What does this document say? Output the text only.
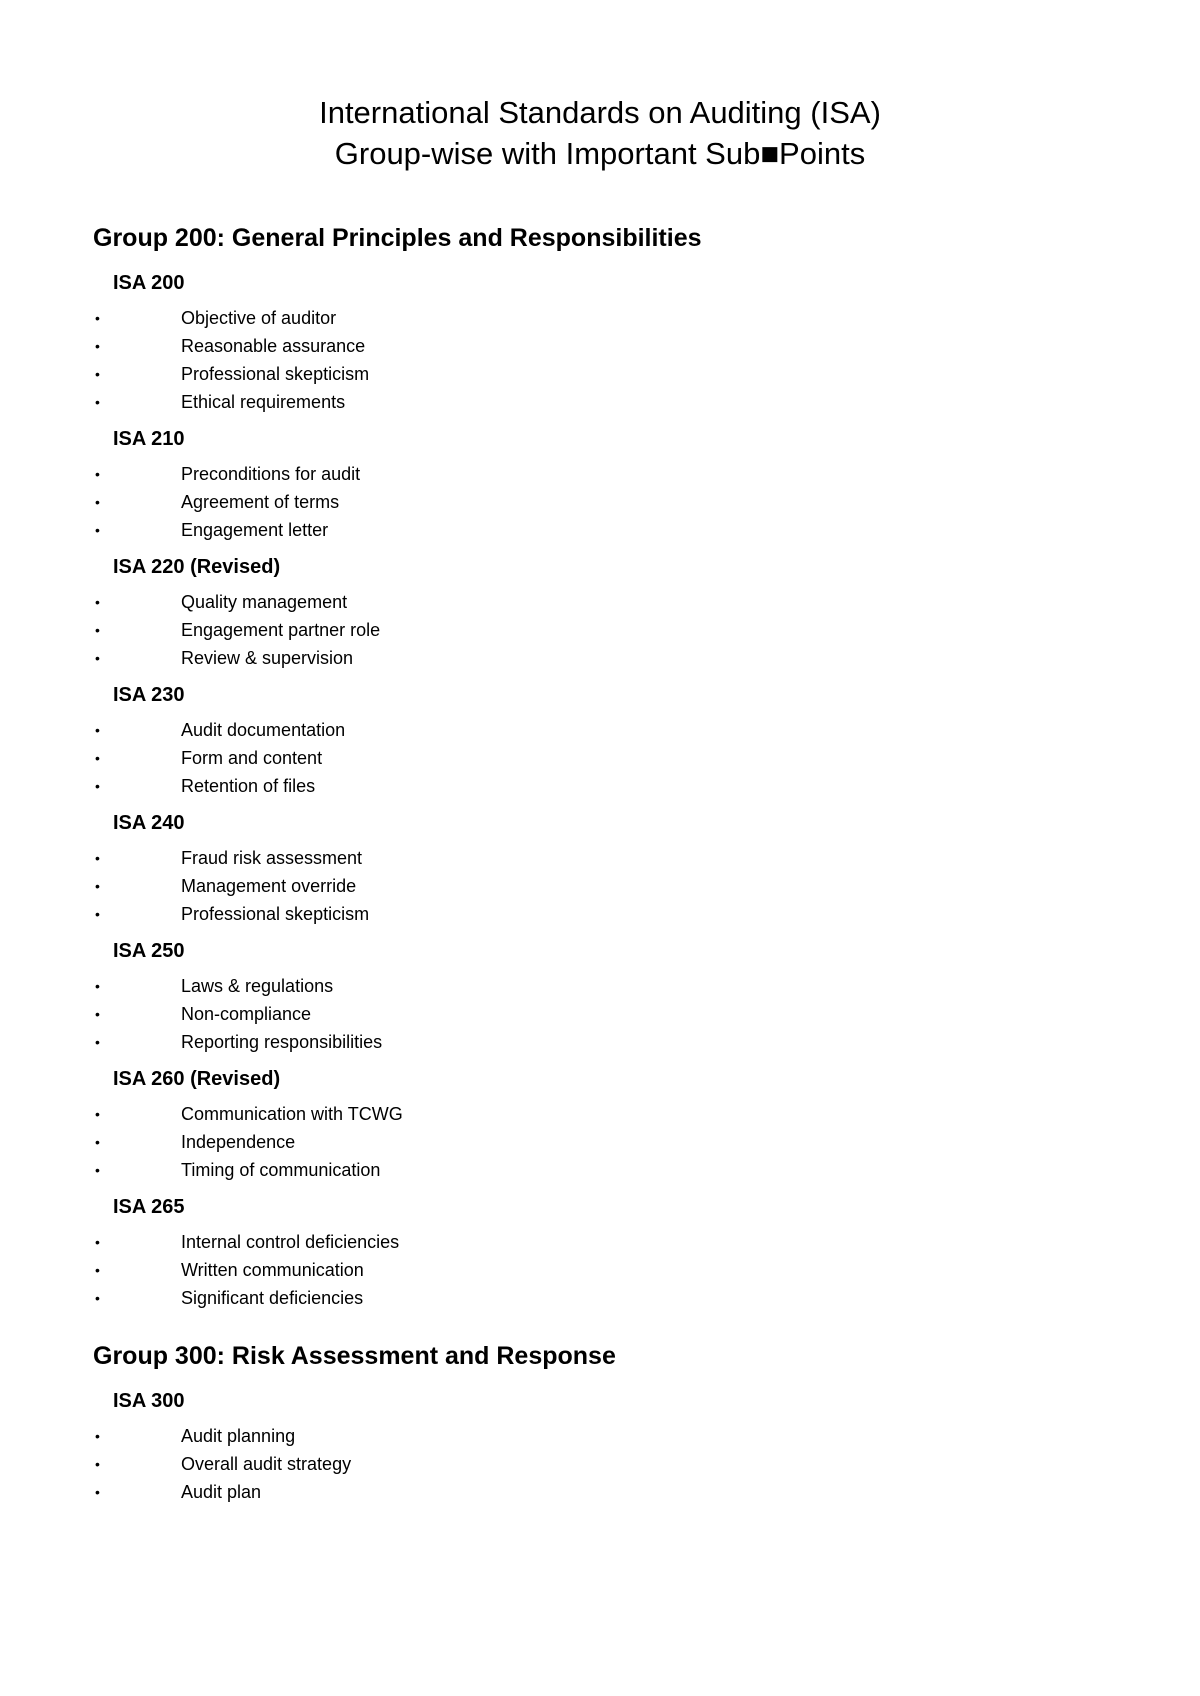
International Standards on Auditing (ISA)

Group-wise with Important Sub■Points

Group 200: General Principles and Responsibilities
ISA 200
•	Objective of auditor
•	Reasonable assurance
•	Professional skepticism
•	Ethical requirements
ISA 210
•	Preconditions for audit
•	Agreement of terms
•	Engagement letter
ISA 220 (Revised)
•	Quality management
•	Engagement partner role
•	Review & supervision
ISA 230
•	Audit documentation
•	Form and content
•	Retention of files
ISA 240
•	Fraud risk assessment
•	Management override
•	Professional skepticism
ISA 250
•	Laws & regulations
•	Non-compliance
•	Reporting responsibilities
ISA 260 (Revised)
•	Communication with TCWG
•	Independence
•	Timing of communication
ISA 265
•	Internal control deficiencies
•	Written communication
•	Significant deficiencies
Group 300: Risk Assessment and Response
ISA 300
•	Audit planning
•	Overall audit strategy
•	Audit plan
